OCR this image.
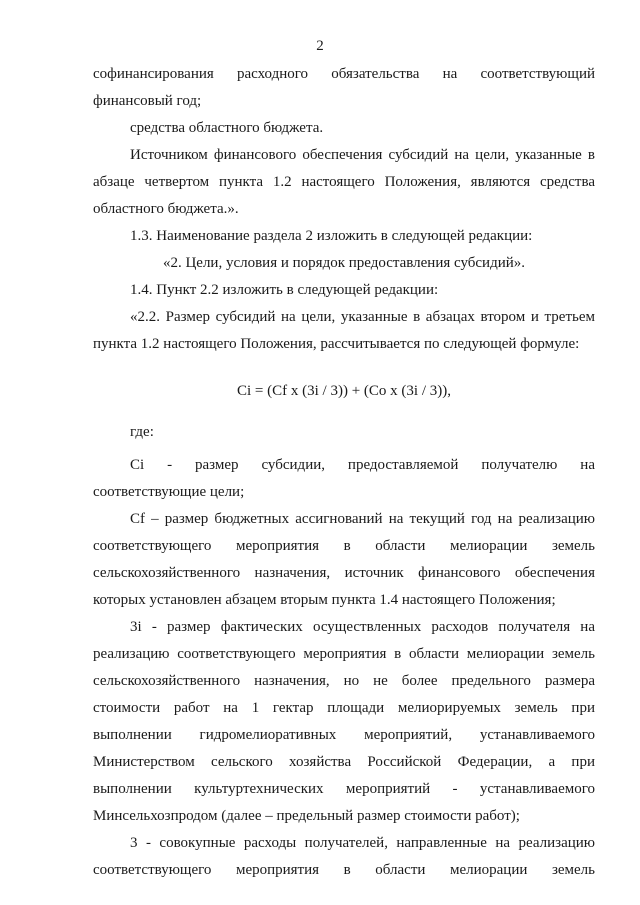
2
софинансирования расходного обязательства на соответствующий
финансовый год;
средства областного бюджета.
Источником финансового обеспечения субсидий на цели, указанные в
абзаце четвертом пункта 1.2 настоящего Положения, являются средства
областного бюджета.».
1.3. Наименование раздела 2 изложить в следующей редакции:
«2. Цели, условия и порядок предоставления субсидий».
1.4. Пункт 2.2 изложить в следующей редакции:
«2.2. Размер субсидий на цели, указанные в абзацах втором и третьем
пункта 1.2 настоящего Положения, рассчитывается по следующей формуле:
Ci = (Cf x (3i / 3)) + (Co x (3i / 3)),
где:
Ci - размер субсидии, предоставляемой получателю на
соответствующие цели;
Cf – размер бюджетных ассигнований на текущий год на реализацию
соответствующего мероприятия в области мелиорации земель
сельскохозяйственного назначения, источник финансового обеспечения
которых установлен абзацем вторым пункта 1.4 настоящего Положения;
3i - размер фактических осуществленных расходов получателя на
реализацию соответствующего мероприятия в области мелиорации земель
сельскохозяйственного назначения, но не более предельного размера
стоимости работ на 1 гектар площади мелиорируемых земель при
выполнении гидромелиоративных мероприятий, устанавливаемого
Министерством сельского хозяйства Российской Федерации, а при
выполнении культуртехнических мероприятий - устанавливаемого
Минсельхозпродом (далее – предельный размер стоимости работ);
3 - совокупные расходы получателей, направленные на реализацию
соответствующего мероприятия в области мелиорации земель
